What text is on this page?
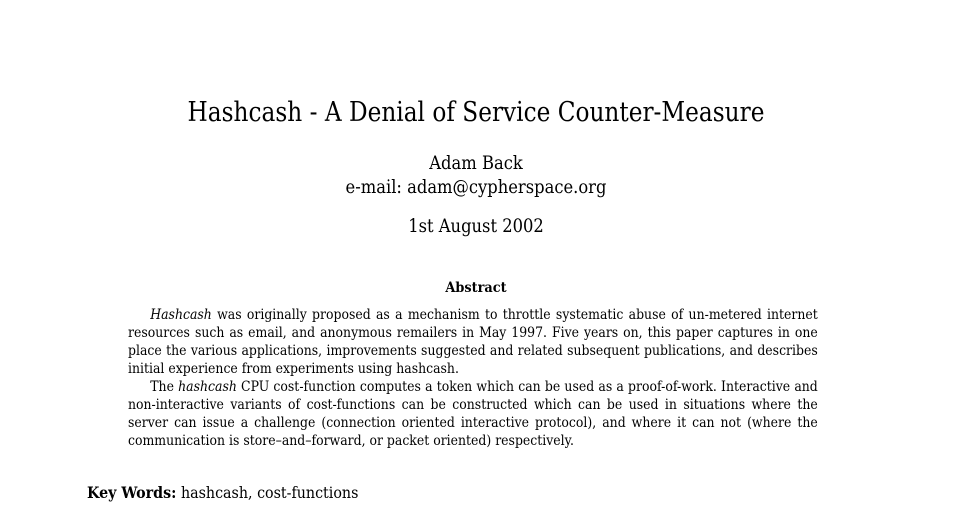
Hashcash - A Denial of Service Counter-Measure
Adam Back
e-mail: adam@cypherspace.org
1st August 2002
Abstract

Hashcash was originally proposed as a mechanism to throttle systematic abuse of un-metered internet resources such as email, and anonymous remailers in May 1997. Five years on, this paper captures in one place the various applications, improvements suggested and related subsequent publications, and describes initial experience from experiments using hashcash.

The hashcash CPU cost-function computes a token which can be used as a proof-of-work. Interactive and non-interactive variants of cost-functions can be constructed which can be used in situations where the server can issue a challenge (connection oriented interactive protocol), and where it can not (where the communication is store–and–forward, or packet oriented) respectively.

Key Words: hashcash, cost-functions
